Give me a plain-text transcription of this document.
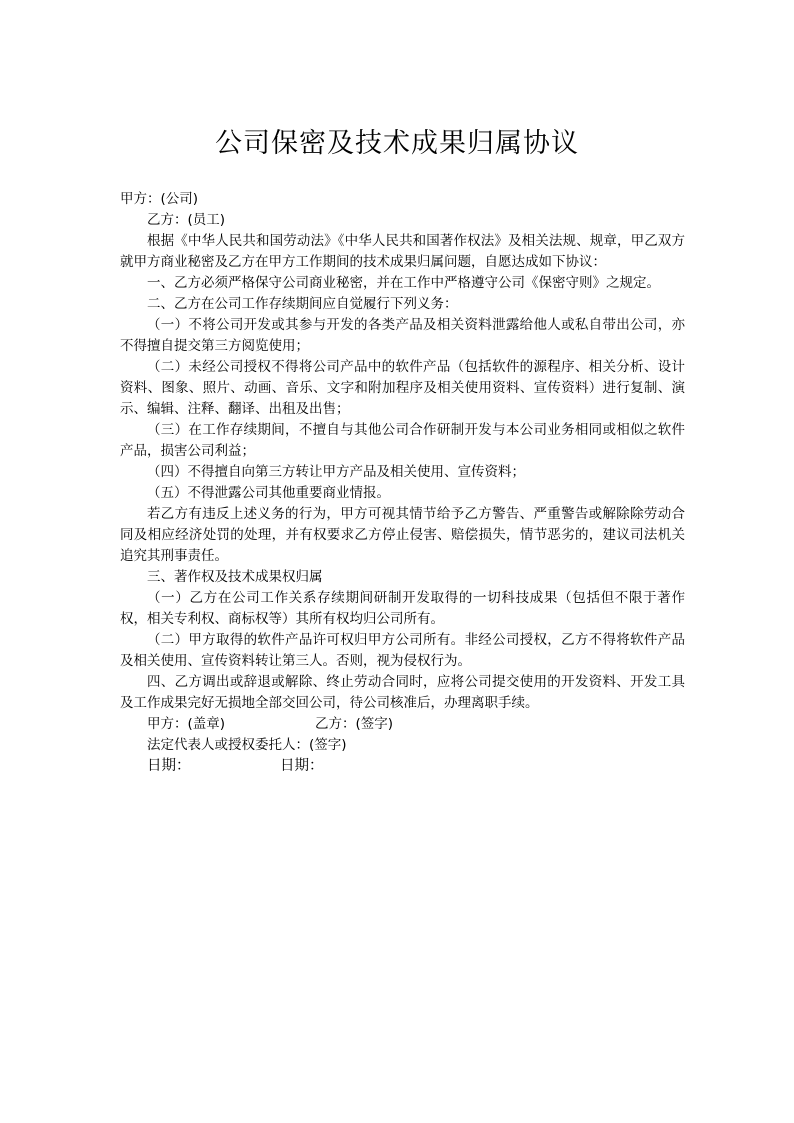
公司保密及技术成果归属协议

甲方：(公司)

乙方：(员工)

根据《中华人民共和国劳动法》《中华人民共和国著作权法》及相关法规、规章，甲乙双方就甲方商业秘密及乙方在甲方工作期间的技术成果归属问题，自愿达成如下协议：

一、乙方必须严格保守公司商业秘密，并在工作中严格遵守公司《保密守则》之规定。

二、乙方在公司工作存续期间应自觉履行下列义务：

（一）不将公司开发或其参与开发的各类产品及相关资料泄露给他人或私自带出公司，亦不得擅自提交第三方阅览使用；

（二）未经公司授权不得将公司产品中的软件产品（包括软件的源程序、相关分析、设计资料、图象、照片、动画、音乐、文字和附加程序及相关使用资料、宣传资料）进行复制、演示、编辑、注释、翻译、出租及出售；

（三）在工作存续期间，不擅自与其他公司合作研制开发与本公司业务相同或相似之软件产品，损害公司利益；

（四）不得擅自向第三方转让甲方产品及相关使用、宣传资料；

（五）不得泄露公司其他重要商业情报。

若乙方有违反上述义务的行为，甲方可视其情节给予乙方警告、严重警告或解除除劳动合同及相应经济处罚的处理，并有权要求乙方停止侵害、赔偿损失，情节恶劣的，建议司法机关追究其刑事责任。

三、著作权及技术成果权归属

（一）乙方在公司工作关系存续期间研制开发取得的一切科技成果（包括但不限于著作权，相关专利权、商标权等）其所有权均归公司所有。

（二）甲方取得的软件产品许可权归甲方公司所有。非经公司授权，乙方不得将软件产品及相关使用、宣传资料转让第三人。否则，视为侵权行为。

四、乙方调出或辞退或解除、终止劳动合同时，应将公司提交使用的开发资料、开发工具及工作成果完好无损地全部交回公司，待公司核准后，办理离职手续。

甲方：(盖章)	乙方：(签字)

法定代表人或授权委托人：(签字)

日期：	日期：
